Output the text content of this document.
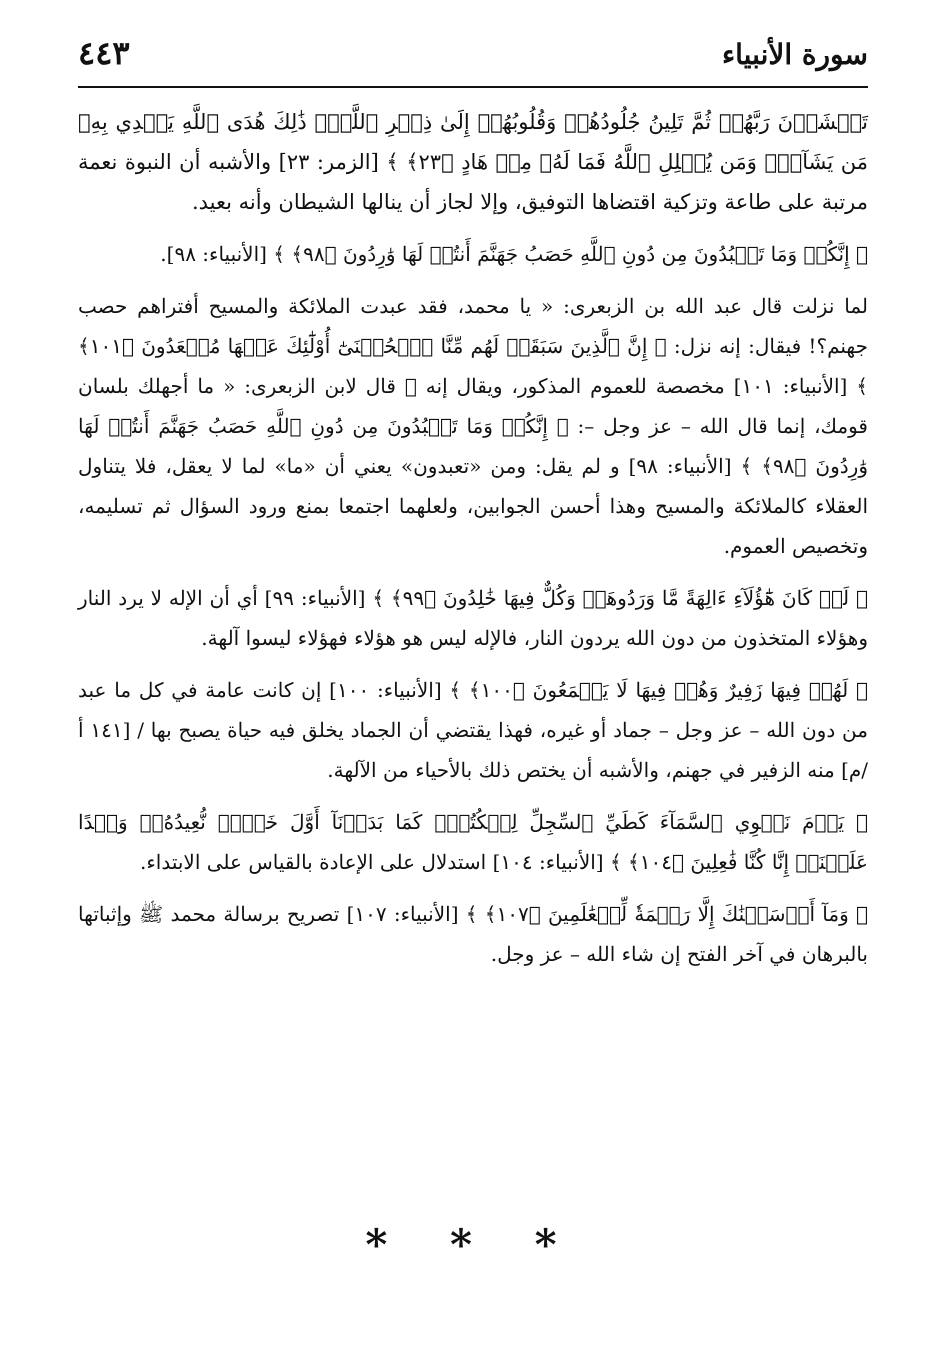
سورة الأنبياء
٤٤٣

تَخۡشَوۡنَ رَبَّهُمۡ ثُمَّ تَلِينُ جُلُودُهُمۡ وَقُلُوبُهُمۡ إِلَىٰ ذِكۡرِ ٱللَّهِۚ ذَٰلِكَ هُدَى ٱللَّهِ يَهۡدِي بِهِۦ مَن يَشَآءُۚ وَمَن يُضۡلِلِ ٱللَّهُ فَمَا لَهُۥ مِنۡ هَادٍ ﴿٢٣﴾ ﴾ [الزمر: ٢٣] والأشبه أن النبوة نعمة مرتبة على طاعة وتزكية اقتضاها التوفيق، وإلا لجاز أن ينالها الشيطان وأنه بعيد.

﴿ إِنَّكُمۡ وَمَا تَعۡبُدُونَ مِن دُونِ ٱللَّهِ حَصَبُ جَهَنَّمَ أَنتُمۡ لَهَا وَٰرِدُونَ ﴿٩٨﴾ ﴾ [الأنبياء: ٩٨].

لما نزلت قال عبد الله بن الزبعرى: « يا محمد، فقد عبدت الملائكة والمسيح أفتراهم حصب جهنم؟! فيقال: إنه نزل: ﴿ إِنَّ ٱلَّذِينَ سَبَقَتۡ لَهُم مِّنَّا ٱلۡحُسۡنَىٰٓ أُوْلَٰٓئِكَ عَنۡهَا مُبۡعَدُونَ ﴿١٠١﴾ ﴾ [الأنبياء: ١٠١] مخصصة للعموم المذكور، ويقال إنه ﷺ قال لابن الزبعرى: « ما أجهلك بلسان قومك، إنما قال الله – عز وجل –: ﴿ إِنَّكُمۡ وَمَا تَعۡبُدُونَ مِن دُونِ ٱللَّهِ حَصَبُ جَهَنَّمَ أَنتُمۡ لَهَا وَٰرِدُونَ ﴿٩٨﴾ ﴾ [الأنبياء: ٩٨] و لم يقل: ومن «تعبدون» يعني أن «ما» لما لا يعقل، فلا يتناول العقلاء كالملائكة والمسيح وهذا أحسن الجوابين، ولعلهما اجتمعا بمنع ورود السؤال ثم تسليمه، وتخصيص العموم.

﴿ لَوۡ كَانَ هَٰٓؤُلَآءِ ءَالِهَةً مَّا وَرَدُوهَاۖ وَكُلٌّ فِيهَا خَٰلِدُونَ ﴿٩٩﴾ ﴾ [الأنبياء: ٩٩] أي أن الإله لا يرد النار وهؤلاء المتخذون من دون الله يردون النار، فالإله ليس هو هؤلاء فهؤلاء ليسوا آلهة.

﴿ لَهُمۡ فِيهَا زَفِيرٌ وَهُمۡ فِيهَا لَا يَسۡمَعُونَ ﴿١٠٠﴾ ﴾ [الأنبياء: ١٠٠] إن كانت عامة في كل ما عبد من دون الله – عز وجل – جماد أو غيره، فهذا يقتضي أن الجماد يخلق فيه حياة يصبح بها / [١٤١ أ /م] منه الزفير في جهنم، والأشبه أن يختص ذلك بالأحياء من الآلهة.

﴿ يَوۡمَ نَطۡوِي ٱلسَّمَآءَ كَطَيِّ ٱلسِّجِلِّ لِلۡكُتُبِۚ كَمَا بَدَأۡنَآ أَوَّلَ خَلۡقٖ نُّعِيدُهُۥۚ وَعۡدًا عَلَيۡنَآۚ إِنَّا كُنَّا فَٰعِلِينَ ﴿١٠٤﴾ ﴾ [الأنبياء: ١٠٤] استدلال على الإعادة بالقياس على الابتداء.

﴿ وَمَآ أَرۡسَلۡنَٰكَ إِلَّا رَحۡمَةٗ لِّلۡعَٰلَمِينَ ﴿١٠٧﴾ ﴾ [الأنبياء: ١٠٧] تصريح برسالة محمد ﷺ وإثباتها بالبرهان في آخر الفتح إن شاء الله – عز وجل.

* * *
